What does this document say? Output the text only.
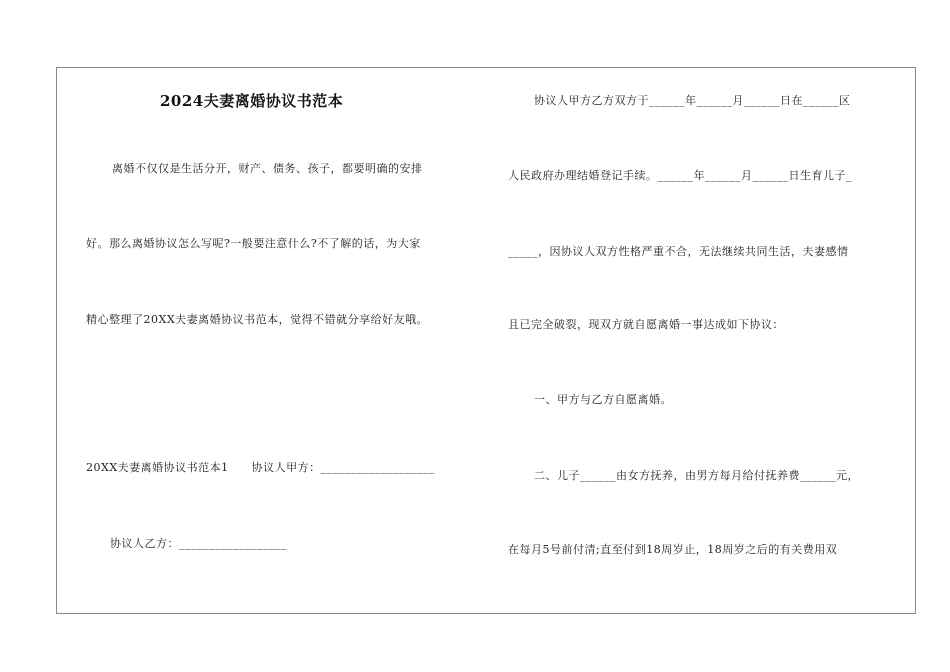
2024夫妻离婚协议书范本
离婚不仅仅是生活分开，财产、债务、孩子，都要明确的安排
好。那么离婚协议怎么写呢?一般要注意什么?不了解的话，为大家
精心整理了20XX夫妻离婚协议书范本，觉得不错就分享给好友哦。
20XX夫妻离婚协议书范本1　　协议人甲方：___________________
协议人乙方：__________________
协议人甲方乙方双方于______年______月______日在______区
人民政府办理结婚登记手续。______年______月______日生育儿子_
_____，因协议人双方性格严重不合，无法继续共同生活，夫妻感情
且已完全破裂，现双方就自愿离婚一事达成如下协议：
一、甲方与乙方自愿离婚。
二、儿子______由女方抚养，由男方每月给付抚养费______元，
在每月5号前付清;直至付到18周岁止，18周岁之后的有关费用双
